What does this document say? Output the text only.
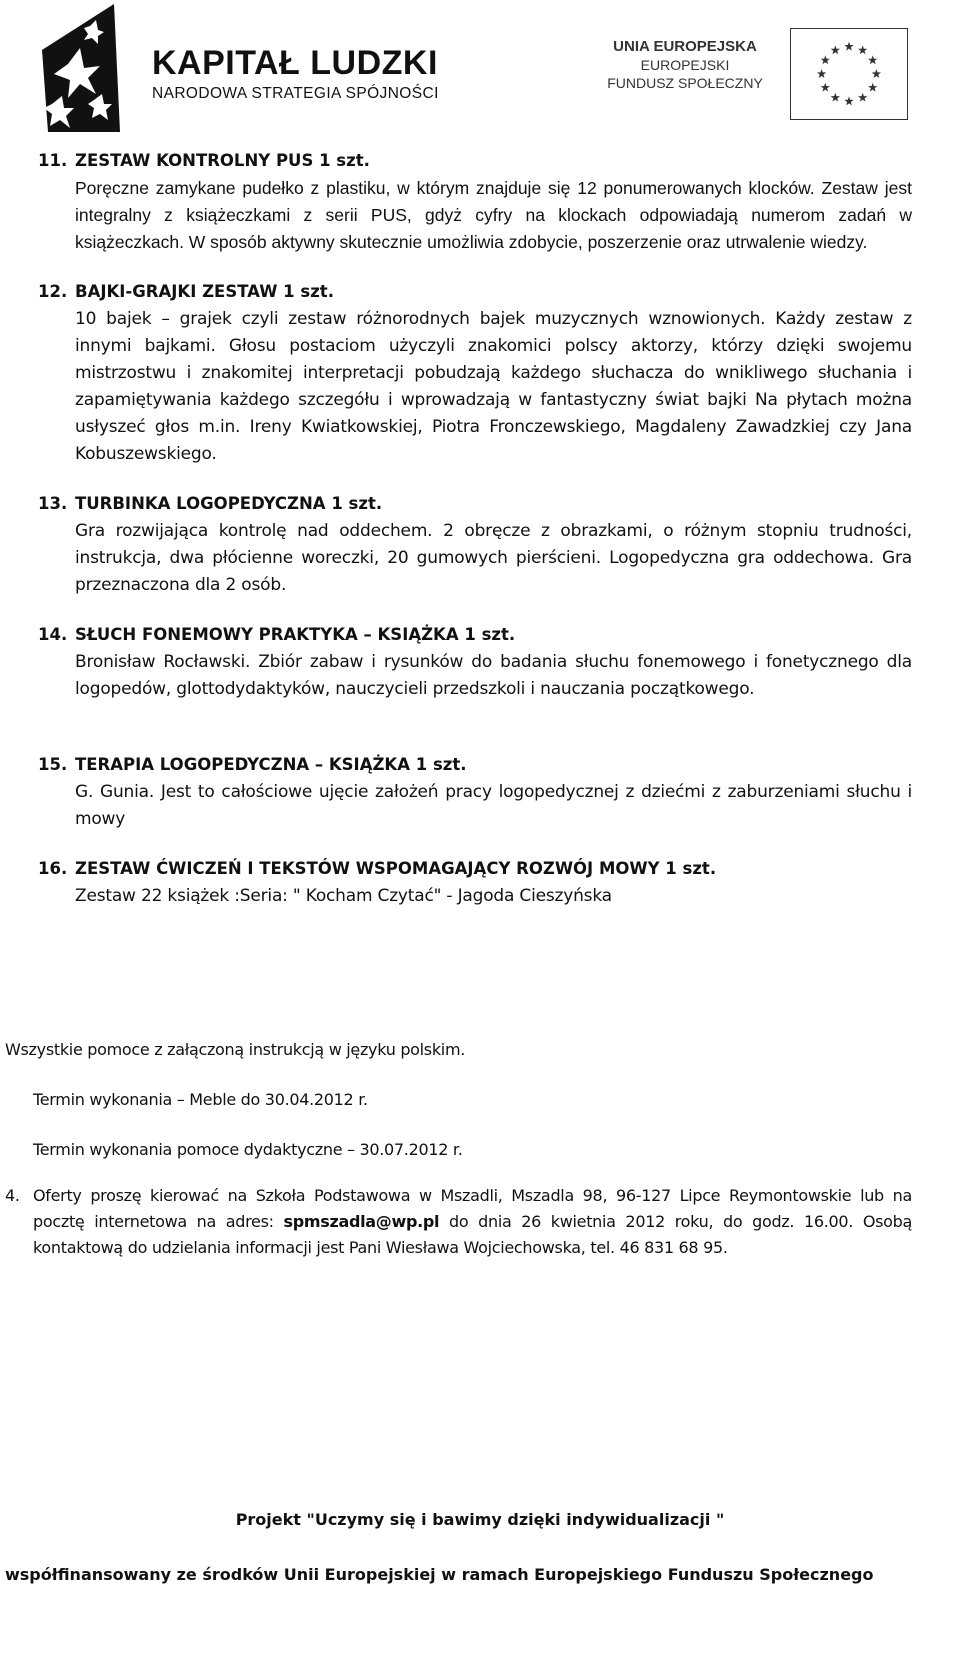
KAPITAŁ LUDZKI
NARODOWA STRATEGIA SPÓJNOŚCI
UNIA EUROPEJSKA
EUROPEJSKI
FUNDUSZ SPOŁECZNY
11. ZESTAW KONTROLNY PUS 1 szt.
Poręczne zamykane pudełko z plastiku, w którym znajduje się 12 ponumerowanych klocków. Zestaw jest integralny z książeczkami z serii PUS, gdyż cyfry na klockach odpowiadają numerom zadań w książeczkach. W sposób aktywny skutecznie umożliwia zdobycie, poszerzenie oraz utrwalenie wiedzy.
12. BAJKI-GRAJKI ZESTAW 1 szt.
10 bajek – grajek czyli zestaw różnorodnych bajek muzycznych wznowionych. Każdy zestaw z innymi bajkami. Głosu postaciom użyczyli znakomici polscy aktorzy, którzy dzięki swojemu mistrzostwu i znakomitej interpretacji pobudzają każdego słuchacza do wnikliwego słuchania i zapamiętywania każdego szczegółu i wprowadzają w fantastyczny świat bajki Na płytach można usłyszeć głos m.in. Ireny Kwiatkowskiej, Piotra Fronczewskiego, Magdaleny Zawadzkiej czy Jana Kobuszewskiego.
13. TURBINKA LOGOPEDYCZNA 1 szt.
Gra rozwijająca kontrolę nad oddechem. 2 obręcze z obrazkami, o różnym stopniu trudności, instrukcja, dwa płócienne woreczki, 20 gumowych pierścieni. Logopedyczna gra oddechowa. Gra przeznaczona dla 2 osób.
14. SŁUCH FONEMOWY PRAKTYKA – KSIĄŻKA 1 szt.
Bronisław Rocławski. Zbiór zabaw i rysunków do badania słuchu fonemowego i fonetycznego dla logopedów, glottodydaktyków, nauczycieli przedszkoli i nauczania początkowego.
15. TERAPIA LOGOPEDYCZNA – KSIĄŻKA 1 szt.
G. Gunia. Jest to całościowe ujęcie założeń pracy logopedycznej z dziećmi z zaburzeniami słuchu i mowy
16. ZESTAW ĆWICZEŃ I TEKSTÓW WSPOMAGAJĄCY ROZWÓJ MOWY 1 szt.
Zestaw 22 książek :Seria: " Kocham Czytać" - Jagoda Cieszyńska
Wszystkie pomoce z załączoną instrukcją w języku polskim.
Termin wykonania – Meble do 30.04.2012 r.
Termin wykonania pomoce dydaktyczne – 30.07.2012 r.
4. Oferty proszę kierować na Szkoła Podstawowa w Mszadli, Mszadla 98, 96-127 Lipce Reymontowskie lub na pocztę internetowa na adres: spmszadla@wp.pl do dnia 26 kwietnia 2012 roku, do godz. 16.00. Osobą kontaktową do udzielania informacji jest Pani Wiesława Wojciechowska, tel. 46 831 68 95.
Projekt "Uczymy się i bawimy dzięki indywidualizacji "
współfinansowany ze środków Unii Europejskiej w ramach Europejskiego Funduszu Społecznego
